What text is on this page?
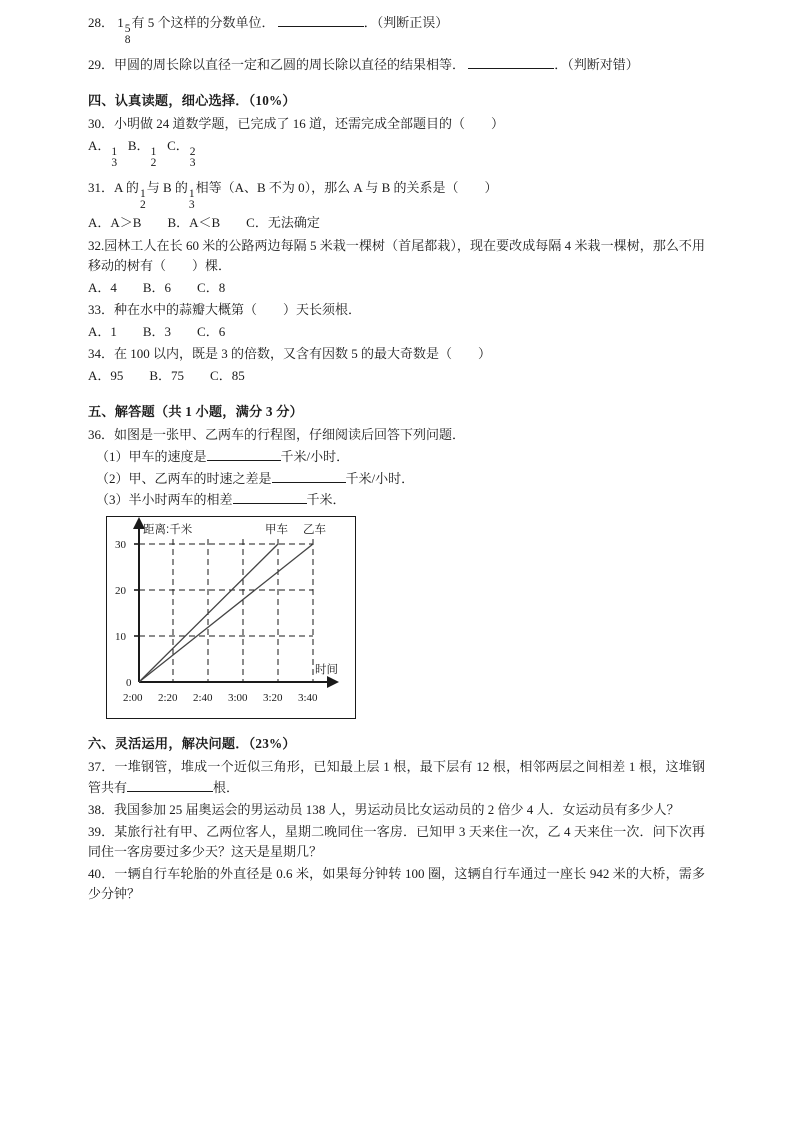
28． 1 5
8
有 5 个这样的分数单位．	．（判断正误）

29．甲圆的周长除以直径一定和乙圆的周长除以直径的结果相等．	．（判断对错）

四、认真读题，细心选择．（10%）

30．小明做 24 道数学题，已完成了 16 道，还需完成全部题目的（　　）

A． 1
3
B． 1
2
C． 2
3

31．A 的 1
2
与 B 的 1
3
相等（A、B 不为 0），那么 A 与 B 的关系是（　　）

A．A＞B　　B．A＜B　　C．无法确定

32.园林工人在长 60 米的公路两边每隔 5 米栽一棵树（首尾都栽），现在要改成每隔 4 米栽一棵树，那么不用移动的树有（　　）棵．

A．4　　B．6　　C．8

33．种在水中的蒜瓣大概第（　　）天长须根．

A．1　　B．3　　C．6

34．在 100 以内，既是 3 的倍数，又含有因数 5 的最大奇数是（　　）

A．95　　B．75　　C．85

五、解答题（共 1 小题，满分 3 分）

36．如图是一张甲、乙两车的行程图，仔细阅读后回答下列问题．

（1）甲车的速度是	千米/小时．

（2）甲、乙两车的时速之差是	千米/小时．

（3）半小时两车的相差	千米．

距离:千米	甲车 乙车
30
20
10
0
2:00 2:20 2:40 3:00 3:20 3:40
时间

六、灵活运用，解决问题．（23%）

37．一堆钢管，堆成一个近似三角形，已知最上层 1 根，最下层有 12 根，相邻两层之间相差 1 根，这堆钢管共有	根．

38．我国参加 25 届奥运会的男运动员 138 人，男运动员比女运动员的 2 倍少 4 人．女运动员有多少人？

39．某旅行社有甲、乙两位客人，星期二晚同住一客房．已知甲 3 天来住一次，乙 4 天来住一次．问下次再同住一客房要过多少天？这天是星期几？

40．一辆自行车轮胎的外直径是 0.6 米，如果每分钟转 100 圈，这辆自行车通过一座长 942 米的大桥，需多少分钟？
